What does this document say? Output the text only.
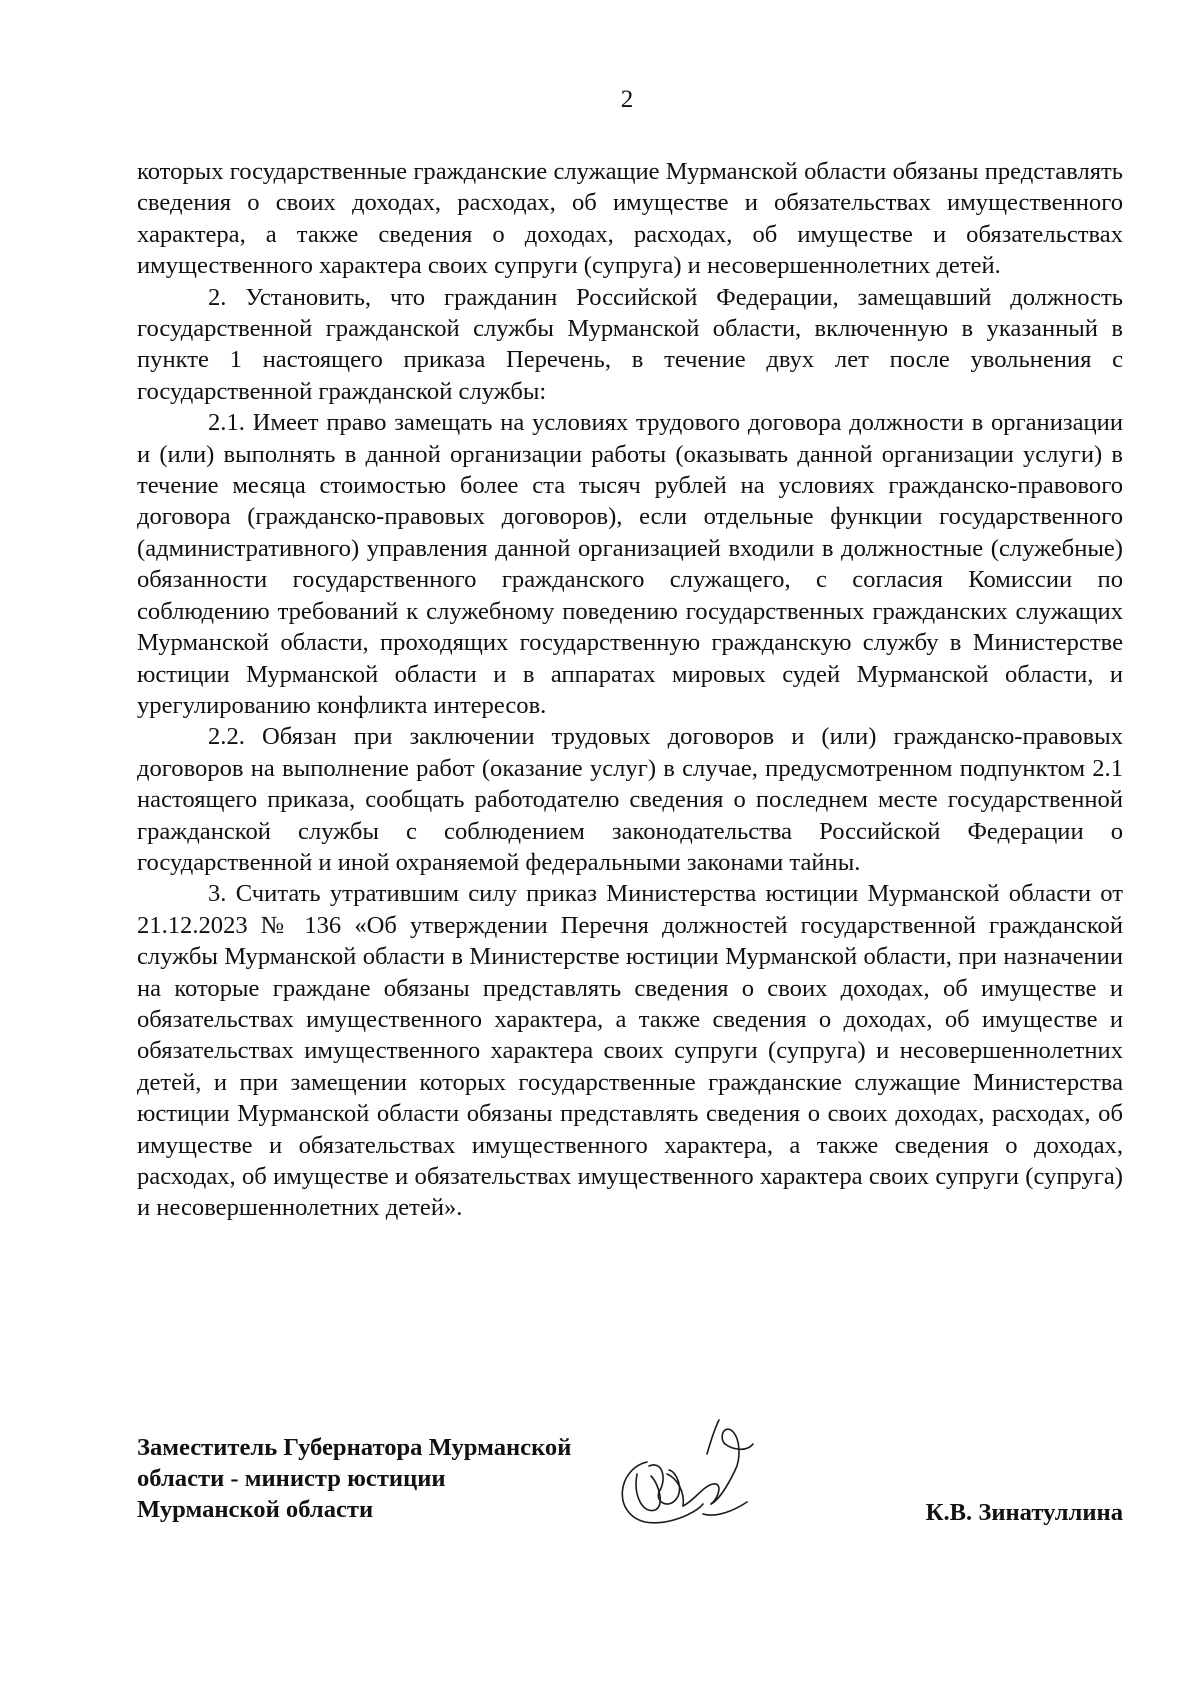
2

которых государственные гражданские служащие Мурманской области обязаны представлять сведения о своих доходах, расходах, об имуществе и обязательствах имущественного характера, а также сведения о доходах, расходах, об имуществе и обязательствах имущественного характера своих супруги (супруга) и несовершеннолетних детей.

2. Установить, что гражданин Российской Федерации, замещавший должность государственной гражданской службы Мурманской области, включенную в указанный в пункте 1 настоящего приказа Перечень, в течение двух лет после увольнения с государственной гражданской службы:

2.1. Имеет право замещать на условиях трудового договора должности в организации и (или) выполнять в данной организации работы (оказывать данной организации услуги) в течение месяца стоимостью более ста тысяч рублей на условиях гражданско-правового договора (гражданско-правовых договоров), если отдельные функции государственного (административного) управления данной организацией входили в должностные (служебные) обязанности государственного гражданского служащего, с согласия Комиссии по соблюдению требований к служебному поведению государственных гражданских служащих Мурманской области, проходящих государственную гражданскую службу в Министерстве юстиции Мурманской области и в аппаратах мировых судей Мурманской области, и урегулированию конфликта интересов.

2.2. Обязан при заключении трудовых договоров и (или) гражданско-правовых договоров на выполнение работ (оказание услуг) в случае, предусмотренном подпунктом 2.1 настоящего приказа, сообщать работодателю сведения о последнем месте государственной гражданской службы с соблюдением законодательства Российской Федерации о государственной и иной охраняемой федеральными законами тайны.

3. Считать утратившим силу приказ Министерства юстиции Мурманской области от 21.12.2023 № 136 «Об утверждении Перечня должностей государственной гражданской службы Мурманской области в Министерстве юстиции Мурманской области, при назначении на которые граждане обязаны представлять сведения о своих доходах, об имуществе и обязательствах имущественного характера, а также сведения о доходах, об имуществе и обязательствах имущественного характера своих супруги (супруга) и несовершеннолетних детей, и при замещении которых государственные гражданские служащие Министерства юстиции Мурманской области обязаны представлять сведения о своих доходах, расходах, об имуществе и обязательствах имущественного характера, а также сведения о доходах, расходах, об имуществе и обязательствах имущественного характера своих супруги (супруга) и несовершеннолетних детей».

Заместитель Губернатора Мурманской
области - министр юстиции
Мурманской области	К.В. Зинатуллина
